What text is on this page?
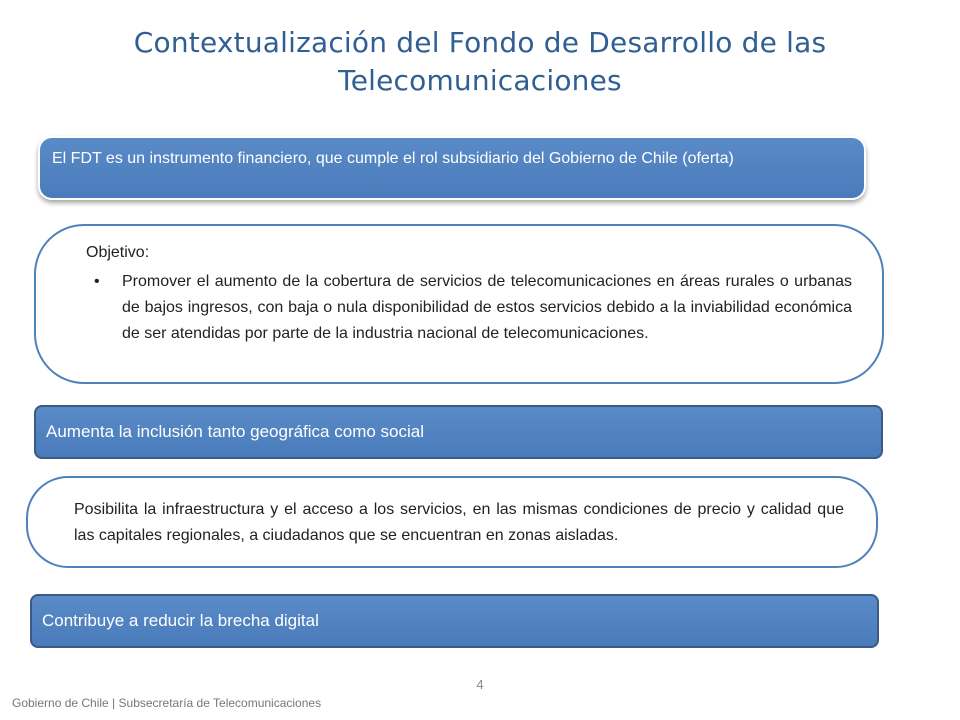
Contextualización del Fondo de Desarrollo de las
Telecomunicaciones
El FDT es un instrumento financiero, que cumple el rol subsidiario del Gobierno de Chile (oferta)
Objetivo:
• Promover el aumento de la cobertura de servicios de telecomunicaciones en áreas rurales o urbanas de bajos ingresos, con baja o nula disponibilidad de estos servicios debido a la inviabilidad económica de ser atendidas por parte de la industria nacional de telecomunicaciones.
Aumenta la inclusión tanto geográfica como social
Posibilita la infraestructura y el acceso a los servicios, en las mismas condiciones de precio y calidad que las capitales regionales, a ciudadanos que se encuentran en zonas aisladas.
Contribuye a reducir la brecha digital
4
Gobierno de Chile | Subsecretaría de Telecomunicaciones
